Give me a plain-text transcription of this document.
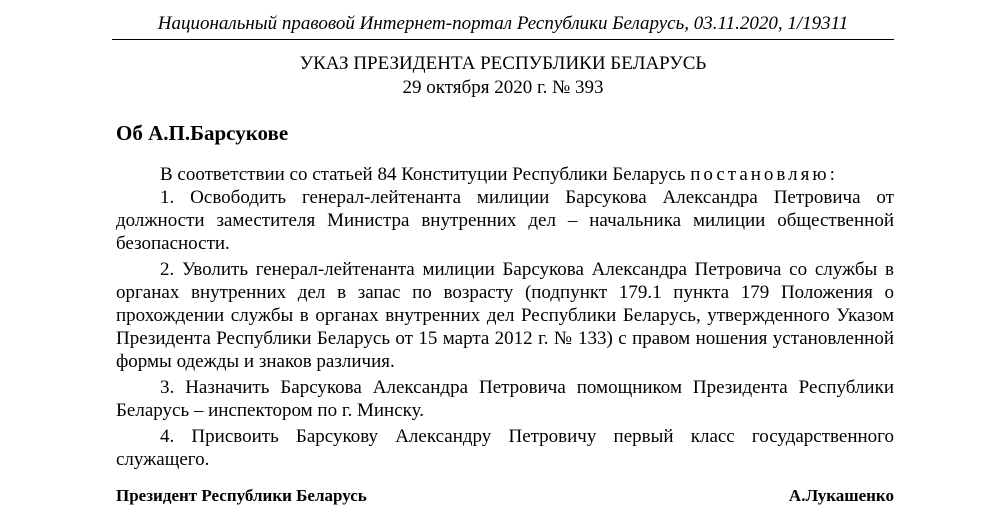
Национальный правовой Интернет-портал Республики Беларусь, 03.11.2020, 1/19311
УКАЗ ПРЕЗИДЕНТА РЕСПУБЛИКИ БЕЛАРУСЬ
29 октября 2020 г. № 393
Об А.П.Барсукове

В соответствии со статьей 84 Конституции Республики Беларусь постановляю:

1. Освободить генерал-лейтенанта милиции Барсукова Александра Петровича от должности заместителя Министра внутренних дел – начальника милиции общественной безопасности.

2. Уволить генерал-лейтенанта милиции Барсукова Александра Петровича со службы в органах внутренних дел в запас по возрасту (подпункт 179.1 пункта 179 Положения о прохождении службы в органах внутренних дел Республики Беларусь, утвержденного Указом Президента Республики Беларусь от 15 марта 2012 г. № 133) с правом ношения установленной формы одежды и знаков различия.

3. Назначить Барсукова Александра Петровича помощником Президента Республики Беларусь – инспектором по г. Минску.

4. Присвоить Барсукову Александру Петровичу первый класс государственного служащего.

Президент Республики Беларусь	А.Лукашенко
